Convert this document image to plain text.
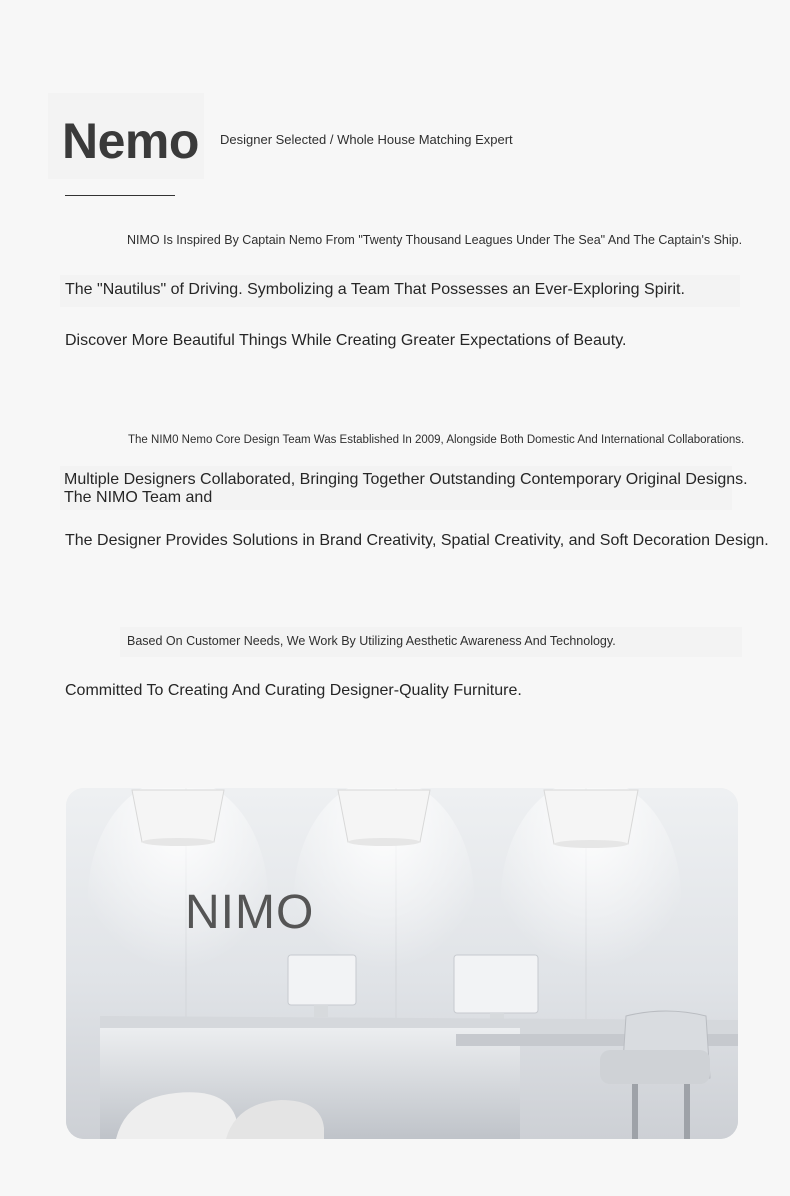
Nemo Designer Selected / Whole House Matching Expert
NIMO Is Inspired By Captain Nemo From "Twenty Thousand Leagues Under The Sea" And The Captain's Ship.
The "Nautilus" of Driving. Symbolizing a Team That Possesses an Ever-Exploring Spirit.
Discover More Beautiful Things While Creating Greater Expectations of Beauty.
The NIM0 Nemo Core Design Team Was Established In 2009, Alongside Both Domestic And International Collaborations.
Multiple Designers Collaborated, Bringing Together Outstanding Contemporary Original Designs.
The NIMO Team and
The Designer Provides Solutions in Brand Creativity, Spatial Creativity, and Soft Decoration Design.
Based On Customer Needs, We Work By Utilizing Aesthetic Awareness And Technology.
Committed To Creating And Curating Designer-Quality Furniture.
NIMO
